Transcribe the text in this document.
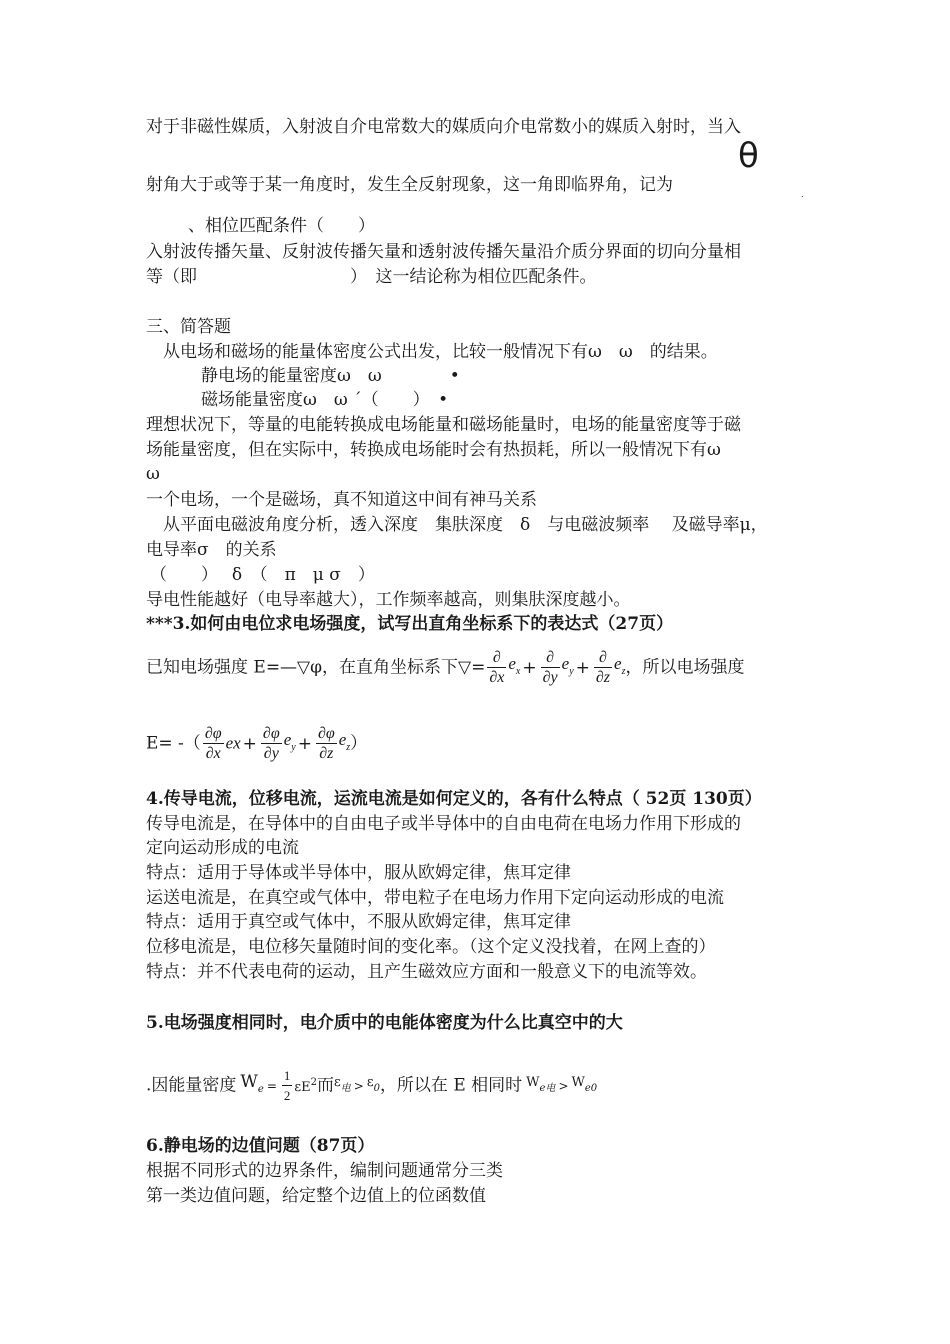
对于非磁性媒质，入射波自介电常数大的媒质向介电常数小的媒质入射时，当入
θ
射角大于或等于某一角度时，发生全反射现象，这一角即临界角，记为	.
、相位匹配条件（　　）
入射波传播矢量、反射波传播矢量和透射波传播矢量沿介质分界面的切向分量相
等（即　　　　　　　　　）　这一结论称为相位匹配条件。
三、简答题
从电场和磁场的能量体密度公式出发，比较一般情况下有ω　ω　的结果。
静电场的能量密度ω　ω　　　　•
磁场能量密度ω　ω ˊ（　　）　•
理想状况下，等量的电能转换成电场能量和磁场能量时，电场的能量密度等于磁
场能量密度，但在实际中，转换成电场能时会有热损耗，所以一般情况下有ω
ω
一个电场，一个是磁场，真不知道这中间有神马关系
从平面电磁波角度分析，透入深度　集肤深度　δ　与电磁波频率　 及磁导率μ，
电导率σ　的关系
（　　）　 δ　（　π　μ σ　）
导电性能越好（电导率越大），工作频率越高，则集肤深度越小。
***3.如何由电位求电场强度，试写出直角坐标系下的表达式（27页）
已知电场强度 E=—▽φ，在直角坐标系下▽= $\frac{\partial}{\partial x} e_x + \frac{\partial}{\partial y} e_y + \frac{\partial}{\partial z} e_z$，所以电场强度
E= -（ $\frac{\partial\varphi}{\partial x}$ ex + $\frac{\partial\varphi}{\partial y} e_y + \frac{\partial\varphi}{\partial z} e_z$）
4.传导电流，位移电流，运流电流是如何定义的，各有什么特点（ 52页 130页）
传导电流是，在导体中的自由电子或半导体中的自由电荷在电场力作用下形成的
定向运动形成的电流
特点：适用于导体或半导体中，服从欧姆定律，焦耳定律
运送电流是，在真空或气体中，带电粒子在电场力作用下定向运动形成的电流
特点：适用于真空或气体中，不服从欧姆定律，焦耳定律
位移电流是，电位移矢量随时间的变化率。（这个定义没找着，在网上查的）
特点：并不代表电荷的运动，且产生磁效应方面和一般意义下的电流等效。
5.电场强度相同时，电介质中的电能体密度为什么比真空中的大
.因能量密度 $W_e = \frac{1}{2} \varepsilon E^2$而$\varepsilon_电 > \varepsilon_0$，所以在 E 相同时 $W_{e电} > W_{e0}$
6.静电场的边值问题（87页）
根据不同形式的边界条件，编制问题通常分三类
第一类边值问题，给定整个边值上的位函数值
